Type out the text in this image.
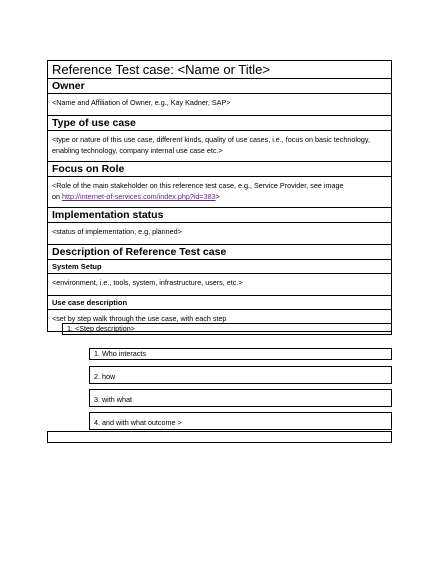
Reference Test case: <Name or Title>
Owner
<Name and Affiliation of Owner, e.g., Kay Kadner, SAP>
Type of use case
<type or nature of this use case, different kinds, quality of use cases, i.e., focus on basic technology,
enabling technology, company internal use case etc.>
Focus on Role
<Role of the main stakeholder on this reference test case, e.g., Service Provider, see image
on http://internet-of-services.com/index.php?id=383>
Implementation status
<status of implementation, e.g, planned>
Description of Reference Test case
System Setup
<environment, i.e., tools, system, infrastructure, users, etc.>
Use case description
<set by step walk through the use case, with each step
1. <Step description>
1. Who interacts
2. how
3. with what
4. and with what outcome >
